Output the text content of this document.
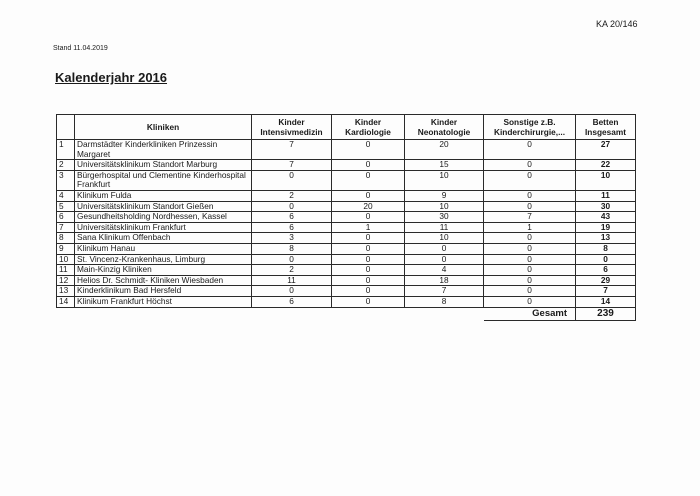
KA 20/146
Stand 11.04.2019
Kalenderjahr 2016
	Kliniken	Kinder Intensivmedizin	Kinder Kardiologie	Kinder Neonatologie	Sonstige z.B. Kinderchirurgie,...	Betten Insgesamt
1	Darmstädter Kinderkliniken Prinzessin Margaret	7	0	20	0	27
2	Universitätsklinikum Standort Marburg	7	0	15	0	22
3	Bürgerhospital und Clementine Kinderhospital Frankfurt	0	0	10	0	10
4	Klinikum Fulda	2	0	9	0	11
5	Universitätsklinikum Standort Gießen	0	20	10	0	30
6	Gesundheitsholding Nordhessen, Kassel	6	0	30	7	43
7	Universitätsklinikum Frankfurt	6	1	11	1	19
8	Sana Klinikum Offenbach	3	0	10	0	13
9	Klinikum Hanau	8	0	0	0	8
10	St. Vincenz-Krankenhaus, Limburg	0	0	0	0	0
11	Main-Kinzig Kliniken	2	0	4	0	6
12	Helios Dr. Schmidt- Kliniken Wiesbaden	11	0	18	0	29
13	Kinderklinikum Bad Hersfeld	0	0	7	0	7
14	Klinikum Frankfurt Höchst	6	0	8	0	14
					Gesamt	239
